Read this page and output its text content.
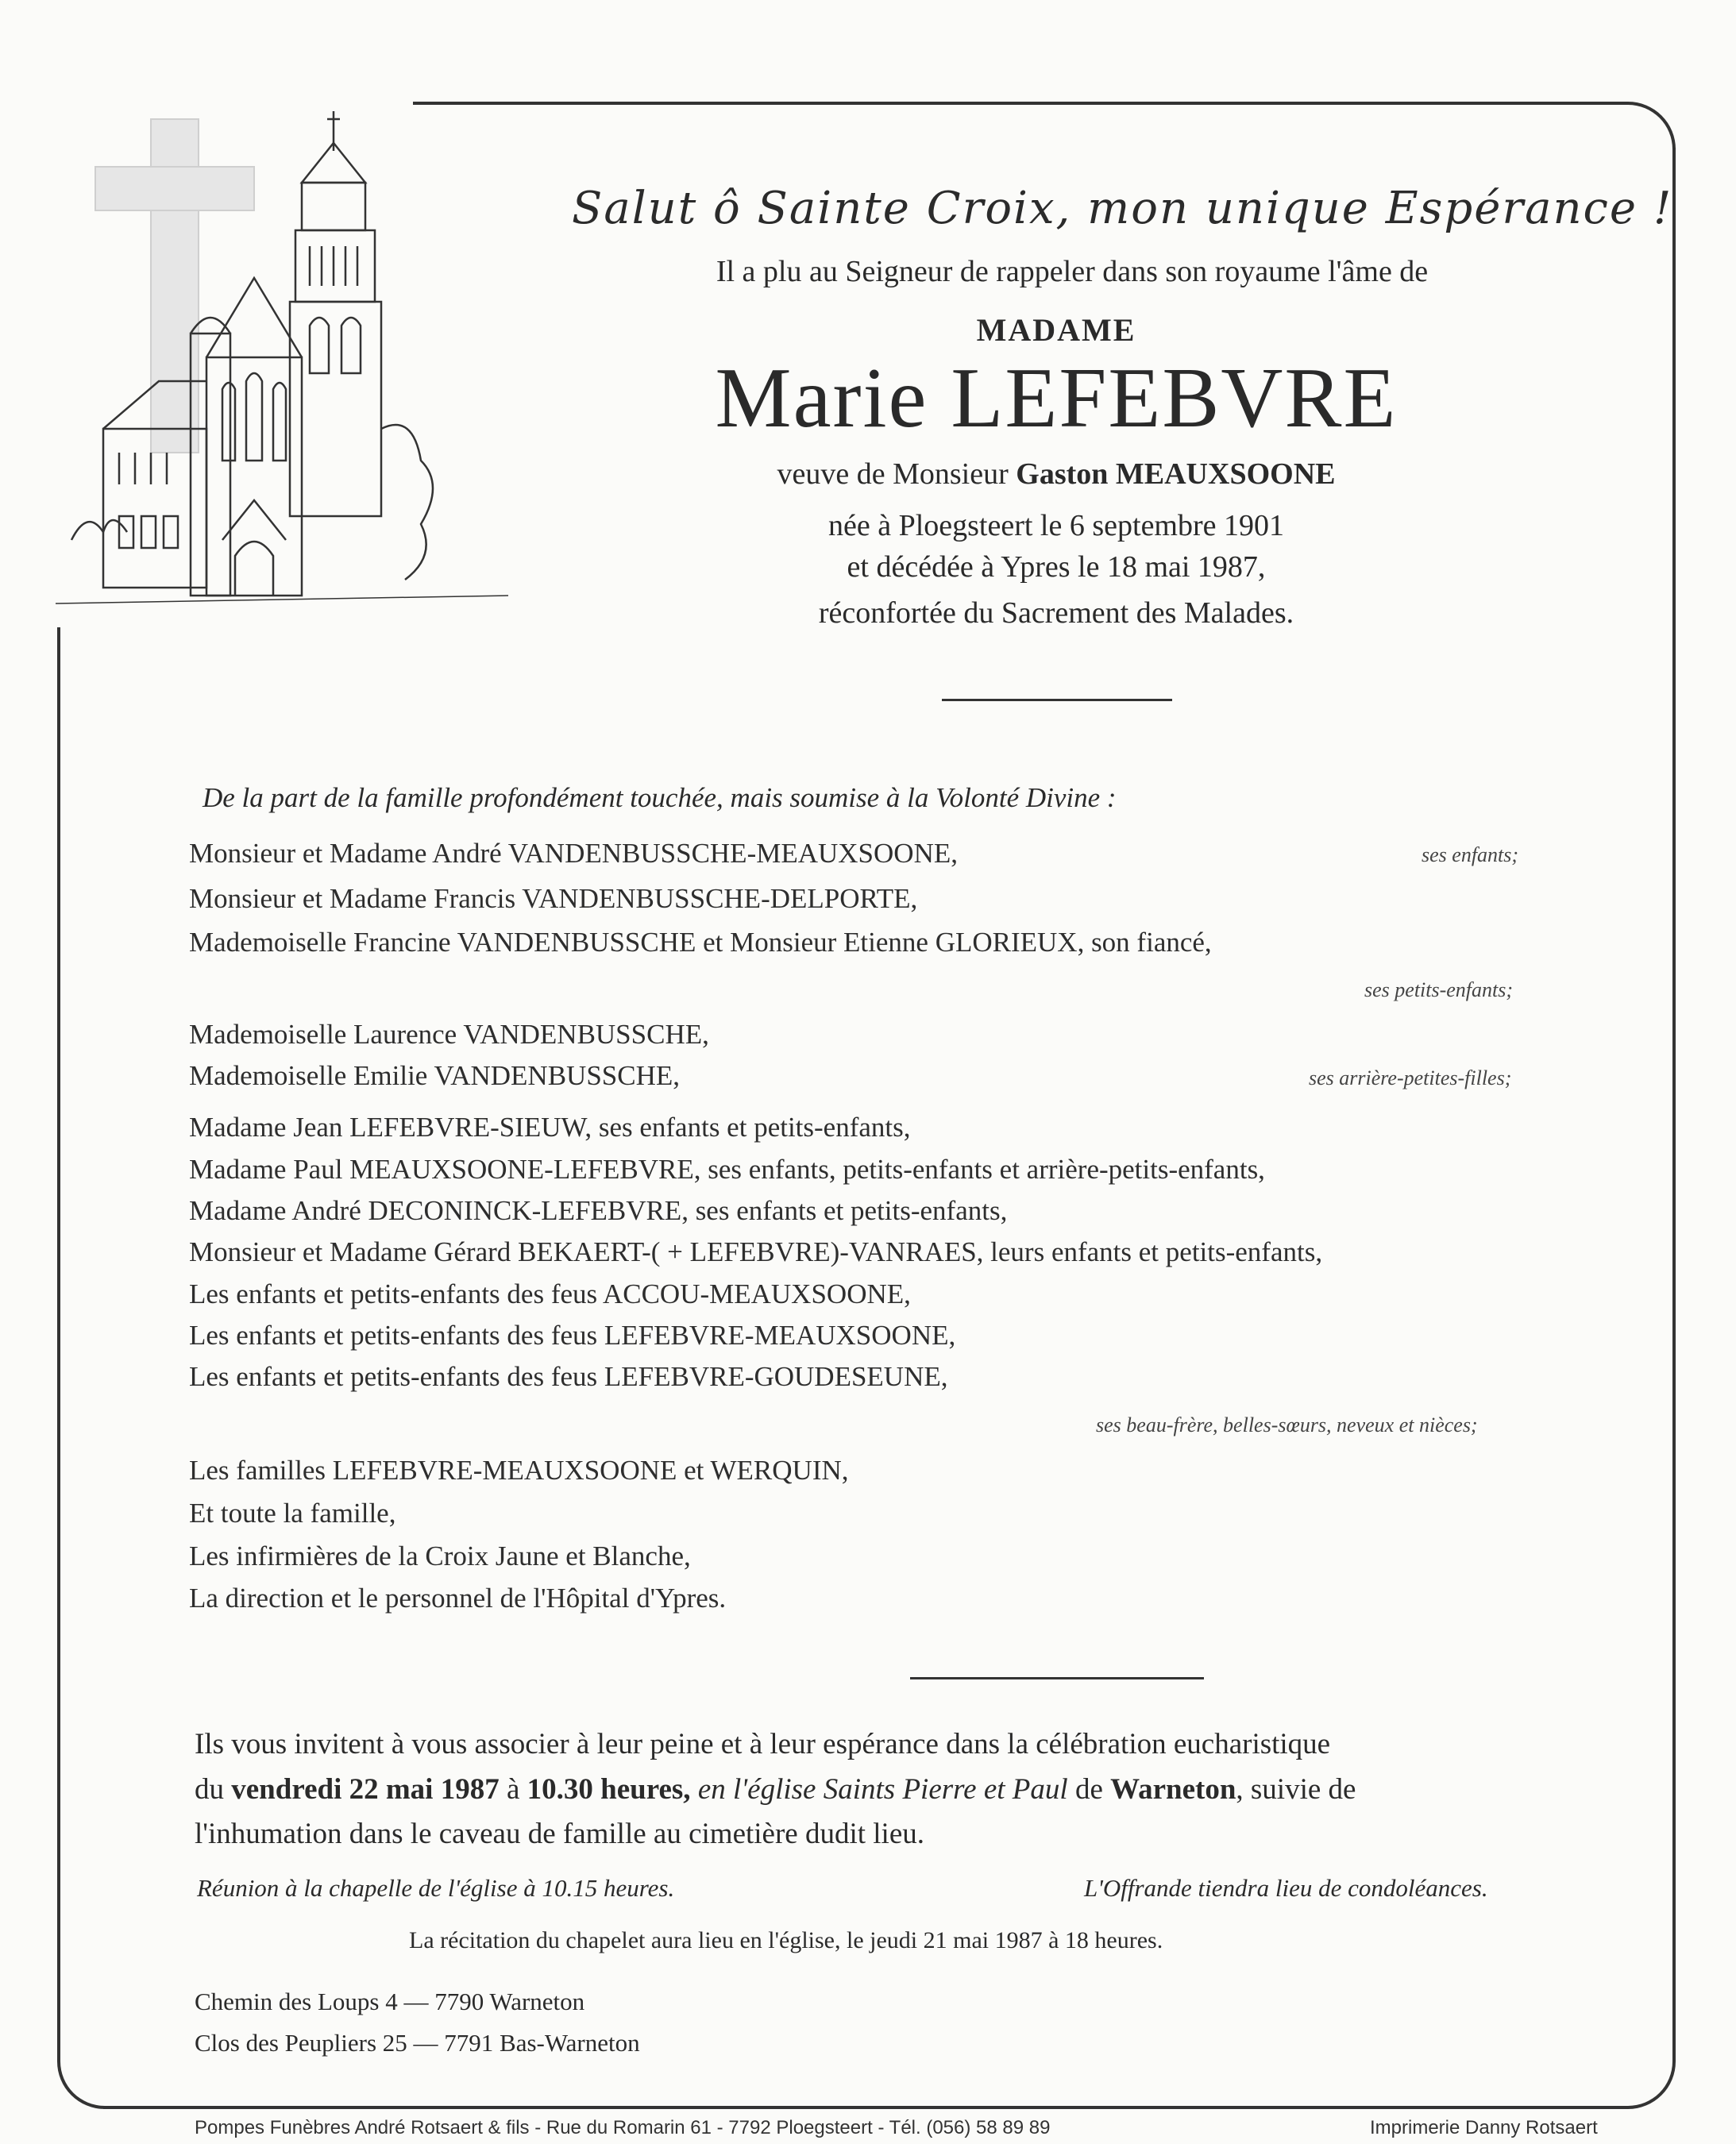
Salut ô Sainte Croix, mon unique Espérance !
Il a plu au Seigneur de rappeler dans son royaume l'âme de
MADAME
Marie LEFEBVRE
veuve de Monsieur Gaston MEAUXSOONE
née à Ploegsteert le 6 septembre 1901
et décédée à Ypres le 18 mai 1987,
réconfortée du Sacrement des Malades.
De la part de la famille profondément touchée, mais soumise à la Volonté Divine :
Monsieur et Madame André VANDENBUSSCHE-MEAUXSOONE,	ses enfants;
Monsieur et Madame Francis VANDENBUSSCHE-DELPORTE,
Mademoiselle Francine VANDENBUSSCHE et Monsieur Etienne GLORIEUX, son fiancé,
ses petits-enfants;
Mademoiselle Laurence VANDENBUSSCHE,
Mademoiselle Emilie VANDENBUSSCHE,	ses arrière-petites-filles;
Madame Jean LEFEBVRE-SIEUW, ses enfants et petits-enfants,
Madame Paul MEAUXSOONE-LEFEBVRE, ses enfants, petits-enfants et arrière-petits-enfants,
Madame André DECONINCK-LEFEBVRE, ses enfants et petits-enfants,
Monsieur et Madame Gérard BEKAERT-( + LEFEBVRE)-VANRAES, leurs enfants et petits-enfants,
Les enfants et petits-enfants des feus ACCOU-MEAUXSOONE,
Les enfants et petits-enfants des feus LEFEBVRE-MEAUXSOONE,
Les enfants et petits-enfants des feus LEFEBVRE-GOUDESEUNE,
ses beau-frère, belles-sœurs, neveux et nièces;
Les familles LEFEBVRE-MEAUXSOONE et WERQUIN,
Et toute la famille,
Les infirmières de la Croix Jaune et Blanche,
La direction et le personnel de l'Hôpital d'Ypres.
Ils vous invitent à vous associer à leur peine et à leur espérance dans la célébration eucharistique
du vendredi 22 mai 1987 à 10.30 heures, en l'église Saints Pierre et Paul de Warneton, suivie de
l'inhumation dans le caveau de famille au cimetière dudit lieu.
Réunion à la chapelle de l'église à 10.15 heures.	L'Offrande tiendra lieu de condoléances.
La récitation du chapelet aura lieu en l'église, le jeudi 21 mai 1987 à 18 heures.
Chemin des Loups 4 — 7790 Warneton
Clos des Peupliers 25 — 7791 Bas-Warneton
Pompes Funèbres André Rotsaert & fils - Rue du Romarin 61 - 7792 Ploegsteert - Tél. (056) 58 89 89	Imprimerie Danny Rotsaert
